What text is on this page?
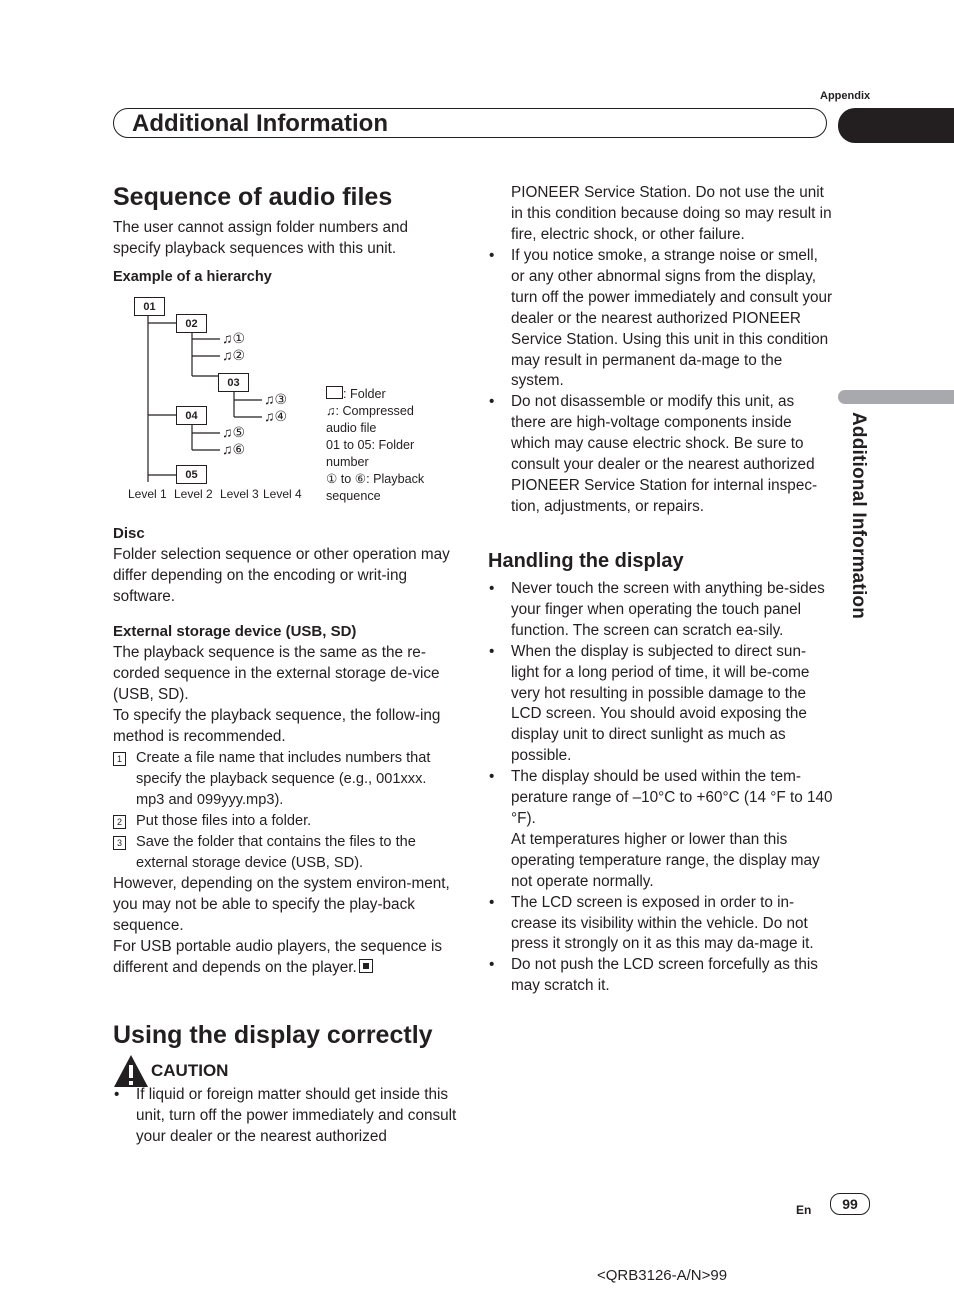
Appendix
Additional Information
Additional Information
Sequence of audio files
The user cannot assign folder numbers and specify playback sequences with this unit.
Example of a hierarchy
01
02
03
04
05
♫①
♫②
♫③
♫④
♫⑤
♫⑥
Level 1 Level 2 Level 3 Level 4
: Folder
♫: Compressed audio file
01 to 05: Folder number
① to ⑥: Playback sequence
Disc
Folder selection sequence or other operation may differ depending on the encoding or writ-ing software.
External storage device (USB, SD)
The playback sequence is the same as the re-corded sequence in the external storage de-vice (USB, SD).
To specify the playback sequence, the follow-ing method is recommended.
1 Create a file name that includes numbers that specify the playback sequence (e.g., 001xxx. mp3 and 099yyy.mp3).
2 Put those files into a folder.
3 Save the folder that contains the files to the external storage device (USB, SD).
However, depending on the system environ-ment, you may not be able to specify the play-back sequence.
For USB portable audio players, the sequence is different and depends on the player.
Using the display correctly
CAUTION
• If liquid or foreign matter should get inside this unit, turn off the power immediately and consult your dealer or the nearest authorized
PIONEER Service Station. Do not use the unit in this condition because doing so may result in fire, electric shock, or other failure.
• If you notice smoke, a strange noise or smell, or any other abnormal signs from the display, turn off the power immediately and consult your dealer or the nearest authorized PIONEER Service Station. Using this unit in this condition may result in permanent da-mage to the system.
• Do not disassemble or modify this unit, as there are high-voltage components inside which may cause electric shock. Be sure to consult your dealer or the nearest authorized PIONEER Service Station for internal inspec-tion, adjustments, or repairs.
Handling the display
• Never touch the screen with anything be-sides your finger when operating the touch panel function. The screen can scratch ea-sily.
• When the display is subjected to direct sun-light for a long period of time, it will be-come very hot resulting in possible damage to the LCD screen. You should avoid exposing the display unit to direct sunlight as much as possible.
• The display should be used within the tem-perature range of –10°C to +60°C (14 °F to 140 °F).
At temperatures higher or lower than this operating temperature range, the display may not operate normally.
• The LCD screen is exposed in order to in-crease its visibility within the vehicle. Do not press it strongly on it as this may da-mage it.
• Do not push the LCD screen forcefully as this may scratch it.
En	99
<QRB3126-A/N>99
